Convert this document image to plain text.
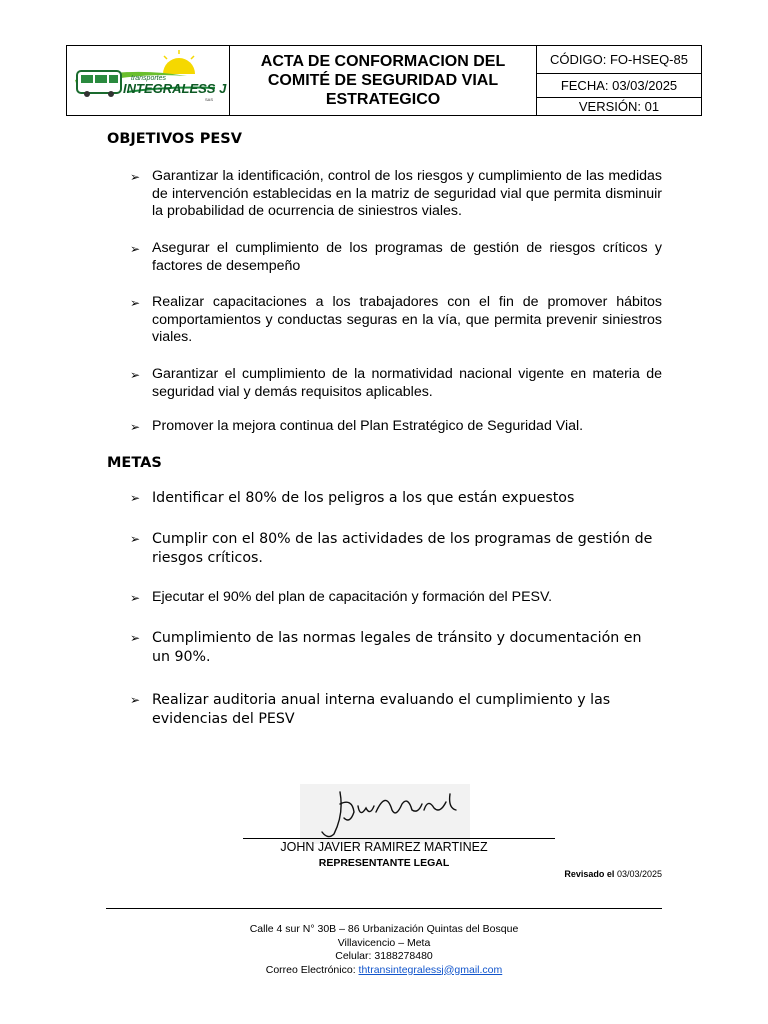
transportes
INTEGRALESS J
SAS
ACTA DE CONFORMACION DEL COMITÉ DE SEGURIDAD VIAL ESTRATEGICO
CÓDIGO: FO-HSEQ-85
FECHA: 03/03/2025
VERSIÓN: 01
OBJETIVOS PESV
➢ Garantizar la identificación, control de los riesgos y cumplimiento de las medidas de intervención establecidas en la matriz de seguridad vial que permita disminuir la probabilidad de ocurrencia de siniestros viales.
➢ Asegurar el cumplimiento de los programas de gestión de riesgos críticos y factores de desempeño
➢ Realizar capacitaciones a los trabajadores con el fin de promover hábitos comportamientos y conductas seguras en la vía, que permita prevenir siniestros viales.
➢ Garantizar el cumplimiento de la normatividad nacional vigente en materia de seguridad vial y demás requisitos aplicables.
➢ Promover la mejora continua del Plan Estratégico de Seguridad Vial.
METAS
➢ Identificar el 80% de los peligros a los que están expuestos
➢ Cumplir con el 80% de las actividades de los programas de gestión de riesgos críticos.
➢ Ejecutar el 90% del plan de capacitación y formación del PESV.
➢ Cumplimiento de las normas legales de tránsito y documentación en un 90%.
➢ Realizar auditoria anual interna evaluando el cumplimiento y las evidencias del PESV
JOHN JAVIER RAMIREZ MARTINEZ
REPRESENTANTE LEGAL
Revisado el 03/03/2025
Calle 4 sur N° 30B – 86 Urbanización Quintas del Bosque
Villavicencio – Meta
Celular: 3188278480
Correo Electrónico: thtransintegralessj@gmail.com
